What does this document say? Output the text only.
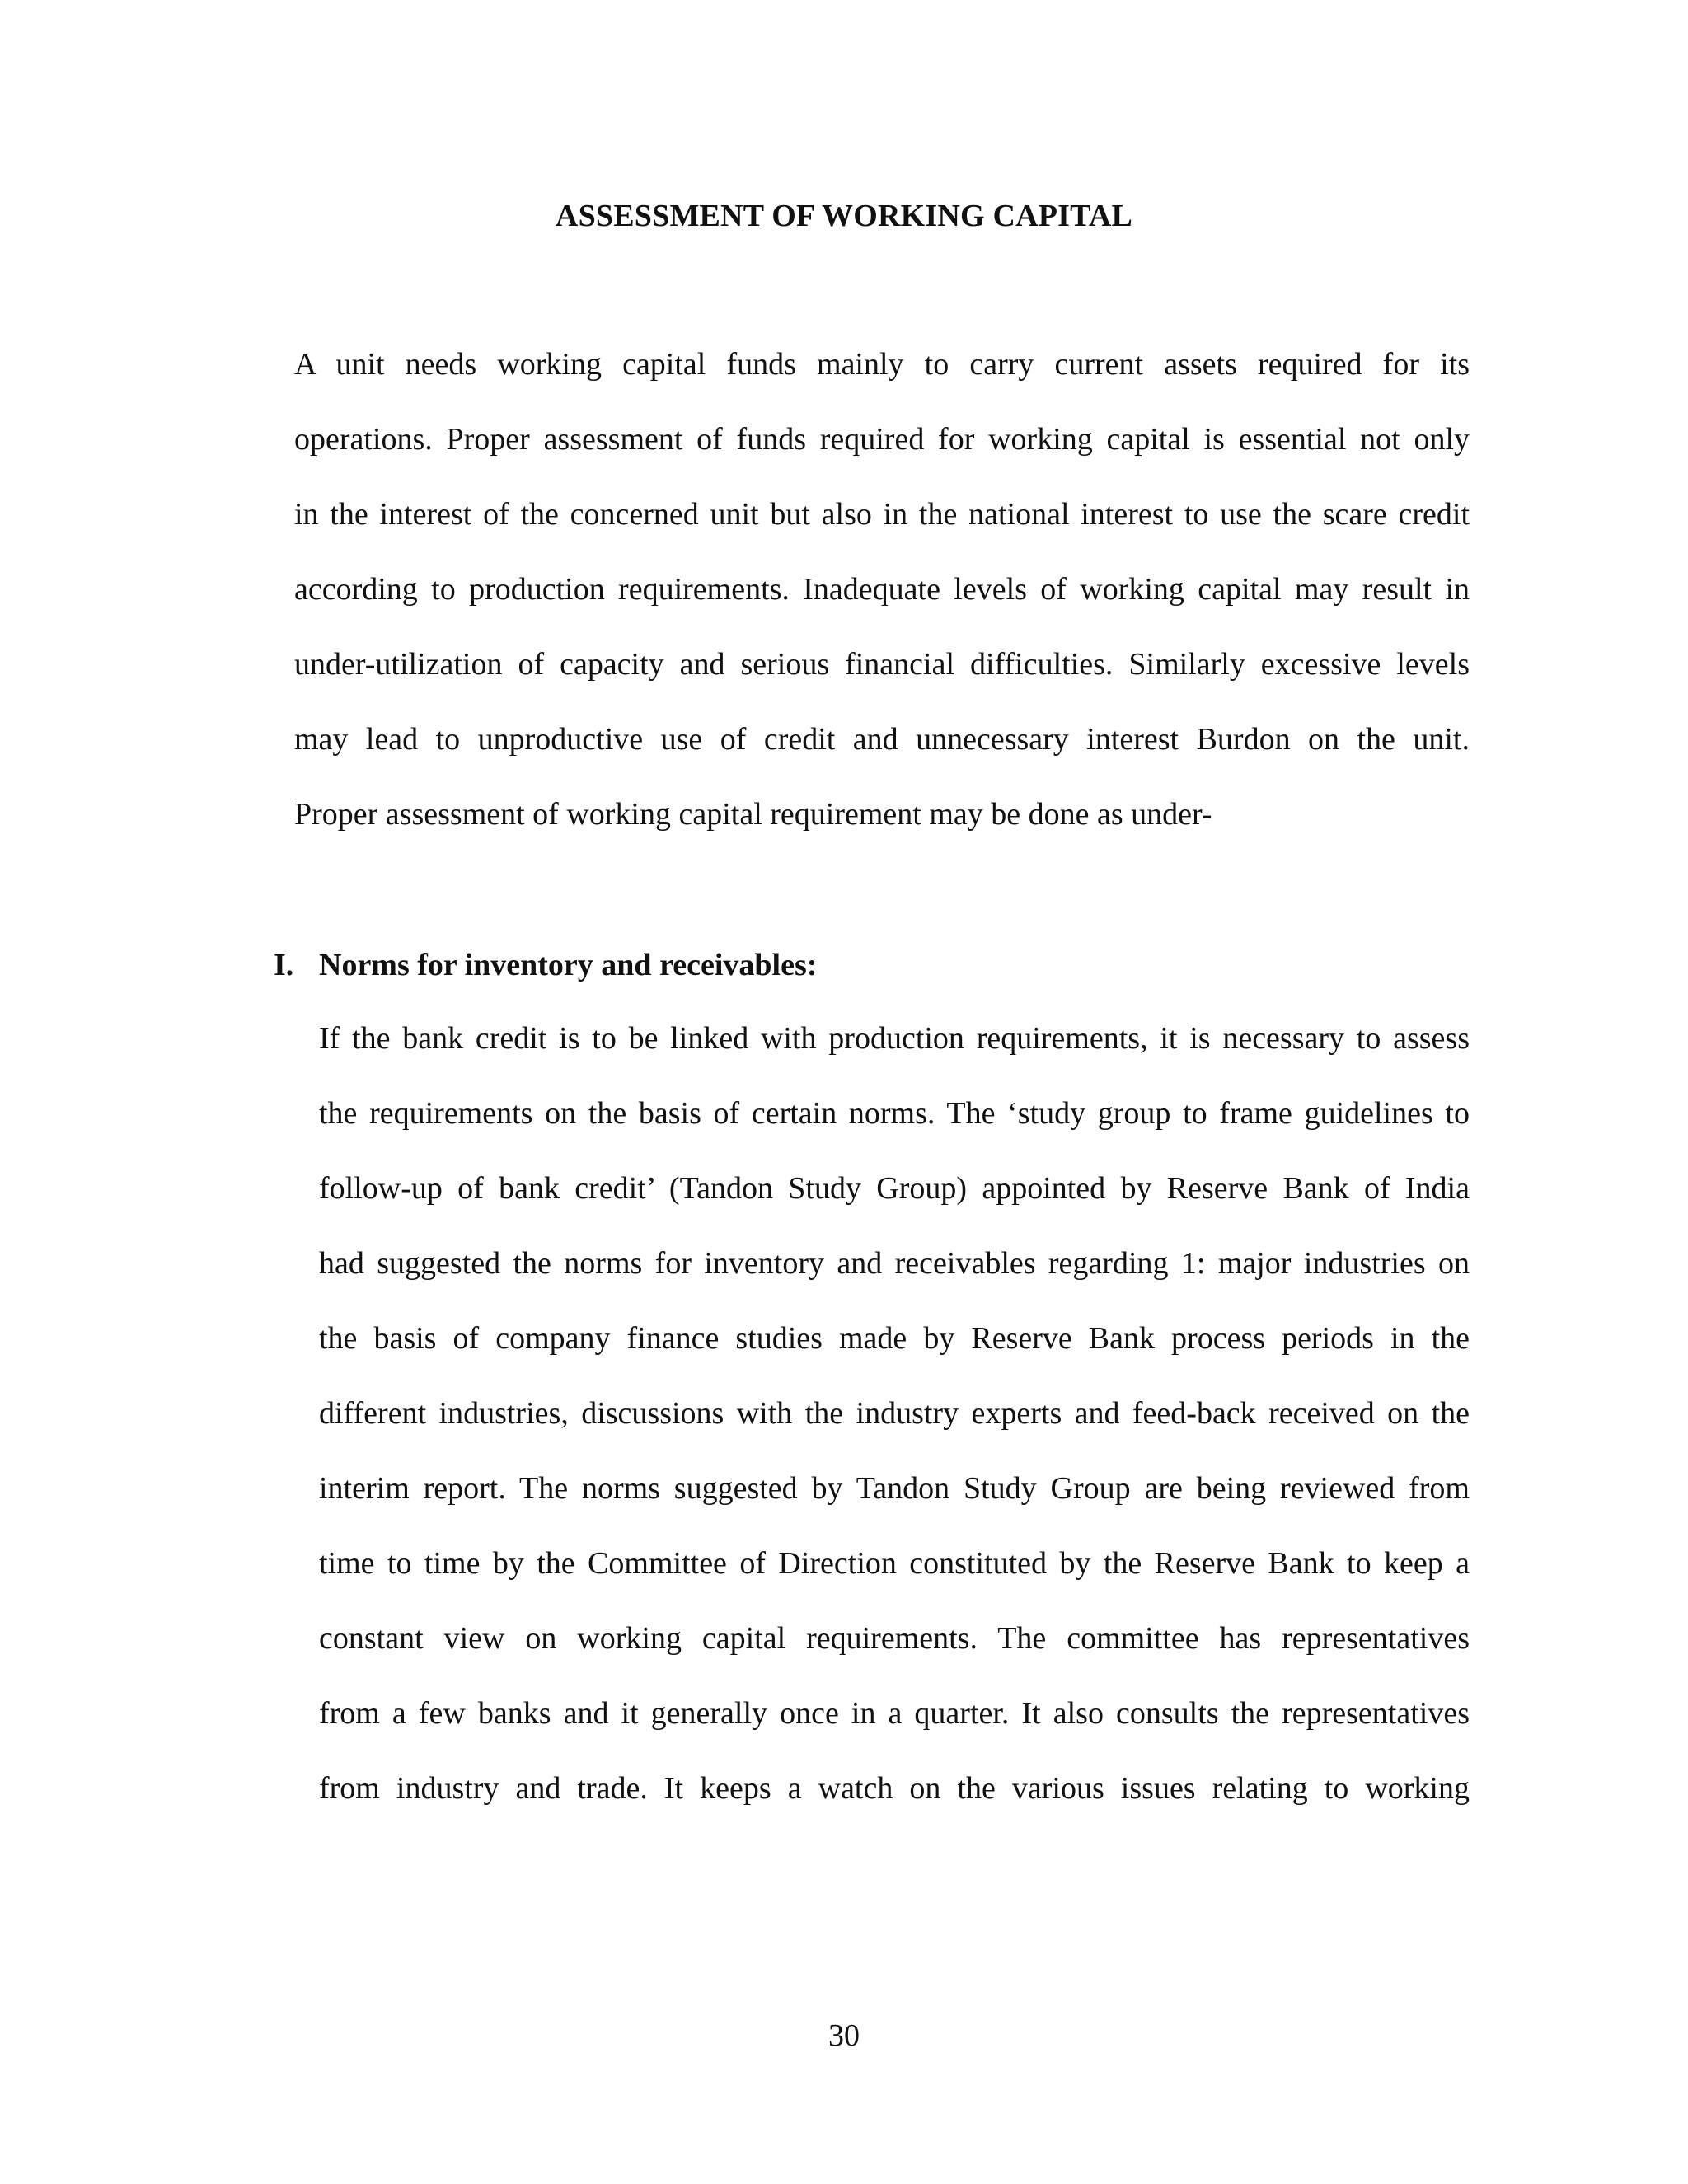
ASSESSMENT OF WORKING CAPITAL
A unit needs working capital funds mainly to carry current assets required for its
operations. Proper assessment of funds required for working capital is essential not only
in the interest of the concerned unit but also in the national interest to use the scare credit
according to production requirements. Inadequate levels of working capital may result in
under-utilization of capacity and serious financial difficulties. Similarly excessive levels
may lead to unproductive use of credit and unnecessary interest Burdon on the unit.
Proper assessment of working capital requirement may be done as under-
I. Norms for inventory and receivables:
If the bank credit is to be linked with production requirements, it is necessary to assess
the requirements on the basis of certain norms. The ‘study group to frame guidelines to
follow-up of bank credit’ (Tandon Study Group) appointed by Reserve Bank of India
had suggested the norms for inventory and receivables regarding 1: major industries on
the basis of company finance studies made by Reserve Bank process periods in the
different industries, discussions with the industry experts and feed-back received on the
interim report. The norms suggested by Tandon Study Group are being reviewed from
time to time by the Committee of Direction constituted by the Reserve Bank to keep a
constant view on working capital requirements. The committee has representatives
from a few banks and it generally once in a quarter. It also consults the representatives
from industry and trade. It keeps a watch on the various issues relating to working
30
